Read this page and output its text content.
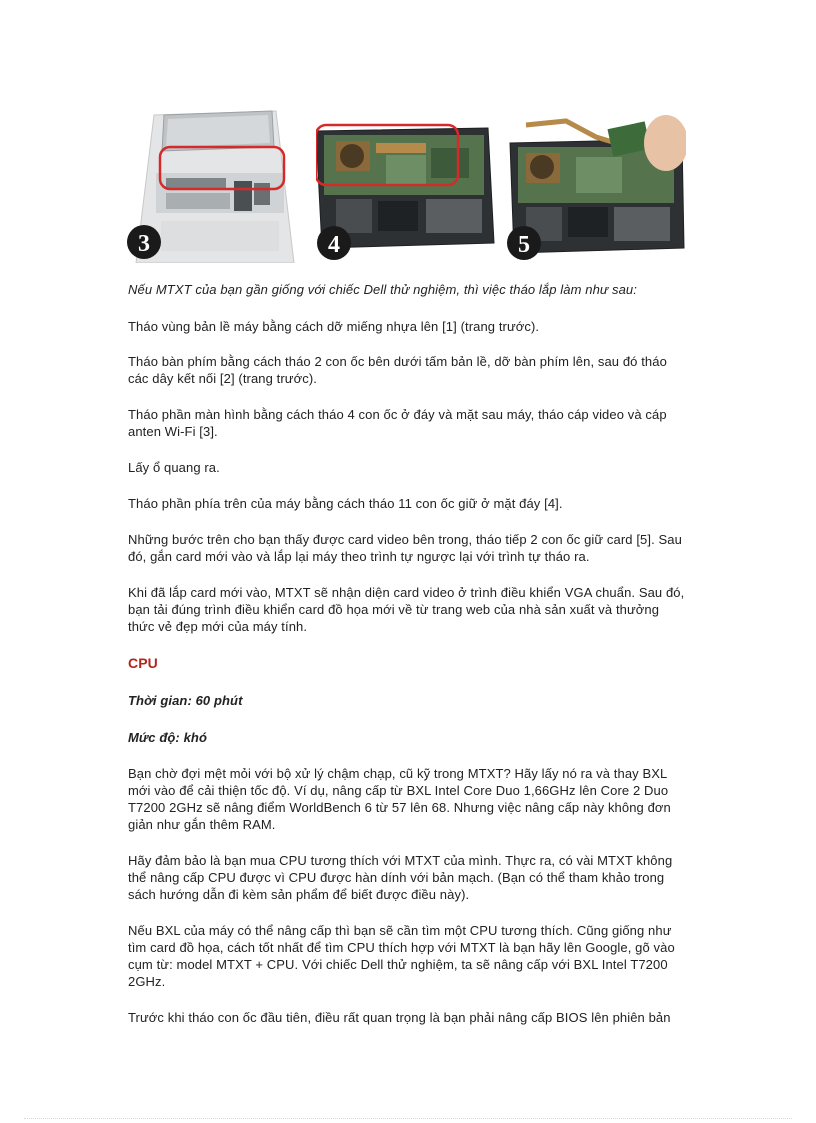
3	4	5

Nếu MTXT của bạn gần giống với chiếc Dell thử nghiệm, thì việc tháo lắp làm như sau:

Tháo vùng bản lề máy bằng cách dỡ miếng nhựa lên [1] (trang trước).

Tháo bàn phím bằng cách tháo 2 con ốc bên dưới tấm bản lề, dỡ bàn phím lên, sau đó tháo các dây kết nối [2] (trang trước).

Tháo phần màn hình bằng cách tháo 4 con ốc ở đáy và mặt sau máy, tháo cáp video và cáp anten Wi-Fi [3].

Lấy ổ quang ra.

Tháo phần phía trên của máy bằng cách tháo 11 con ốc giữ ở mặt đáy [4].

Những bước trên cho bạn thấy được card video bên trong, tháo tiếp 2 con ốc giữ card [5]. Sau đó, gắn card mới vào và lắp lại máy theo trình tự ngược lại với trình tự tháo ra.

Khi đã lắp card mới vào, MTXT sẽ nhận diện card video ở trình điều khiển VGA chuẩn. Sau đó, bạn tải đúng trình điều khiển card đồ họa mới về từ trang web của nhà sản xuất và thưởng thức vẻ đẹp mới của máy tính.

CPU

Thời gian: 60 phút

Mức độ: khó

Bạn chờ đợi mệt mỏi với bộ xử lý chậm chạp, cũ kỹ trong MTXT? Hãy lấy nó ra và thay BXL mới vào để cải thiện tốc độ. Ví dụ, nâng cấp từ BXL Intel Core Duo 1,66GHz lên Core 2 Duo T7200 2GHz sẽ nâng điểm WorldBench 6 từ 57 lên 68. Nhưng việc nâng cấp này không đơn giản như gắn thêm RAM.

Hãy đảm bảo là bạn mua CPU tương thích với MTXT của mình. Thực ra, có vài MTXT không thể nâng cấp CPU được vì CPU được hàn dính với bản mạch. (Bạn có thể tham khảo trong sách hướng dẫn đi kèm sản phẩm để biết được điều này).

Nếu BXL của máy có thể nâng cấp thì bạn sẽ cần tìm một CPU tương thích. Cũng giống như tìm card đồ họa, cách tốt nhất để tìm CPU thích hợp với MTXT là bạn hãy lên Google, gõ vào cụm từ: model MTXT + CPU. Với chiếc Dell thử nghiệm, ta sẽ nâng cấp với BXL Intel T7200 2GHz.

Trước khi tháo con ốc đầu tiên, điều rất quan trọng là bạn phải nâng cấp BIOS lên phiên bản
